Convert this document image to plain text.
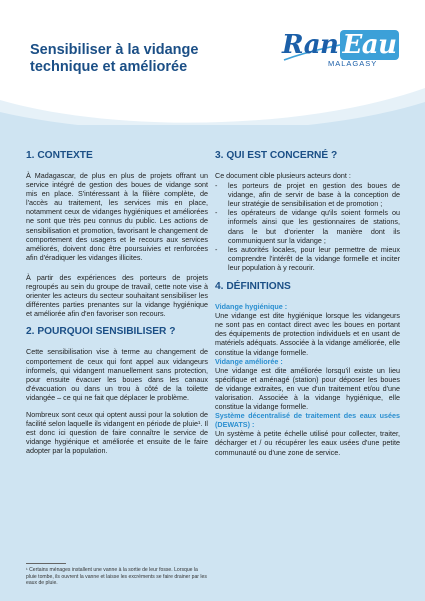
Sensibiliser à la vidange technique et améliorée
Ran Eau
MALAGASY
1. CONTEXTE

À Madagascar, de plus en plus de projets offrant un service intégré de gestion des boues de vidange sont mis en place. S'intéressant à la filière complète, de l'accès au traitement, les services mis en place, notamment ceux de vidanges hygiéniques et améliorées ne sont que très peu connus du public. Les actions de sensibilisation et promotion, favorisant le changement de comportement des usagers et le recours aux services améliorés, doivent donc être poursuivies et renforcées afin d'éradiquer les vidanges illicites.

À partir des expériences des porteurs de projets regroupés au sein du groupe de travail, cette note vise à orienter les acteurs du secteur souhaitant sensibiliser les différentes parties prenantes sur la vidange hygiénique et améliorée afin d'en favoriser son recours.

2. POURQUOI SENSIBILISER ?

Cette sensibilisation vise à terme au changement de comportement de ceux qui font appel aux vidangeurs informels, qui vidangent manuellement sans protection, pour ensuite évacuer les boues dans les canaux d'évacuation ou dans un trou à côté de la toilette vidangée – ce qui ne fait que déplacer le problème.

Nombreux sont ceux qui optent aussi pour la solution de facilité selon laquelle ils vidangent en période de pluie¹. Il est donc ici question de faire connaître le service de vidange hygiénique et améliorée et ensuite de le faire adopter par la population.

¹ Certains ménages installent une vanne à la sortie de leur fosse. Lorsque la pluie tombe, ils ouvrent la vanne et laisse les excréments se faire drainer par les eaux de pluie.
3. QUI EST CONCERNÉ ?

Ce document cible plusieurs acteurs dont :

- les porteurs de projet en gestion des boues de vidange, afin de servir de base à la conception de leur stratégie de sensibilisation et de promotion ;
- les opérateurs de vidange qu'ils soient formels ou informels ainsi que les gestionnaires de stations, dans le but d'orienter la manière dont ils communiquent sur la vidange ;
- les autorités locales, pour leur permettre de mieux comprendre l'intérêt de la vidange formelle et inciter leur population à y recourir.
4. DÉFINITIONS

Vidange hygiénique :

Une vidange est dite hygiénique lorsque les vidangeurs ne sont pas en contact direct avec les boues en portant des équipements de protection individuels et en usant de matériels adéquats. Associée à la vidange améliorée, elle constitue la vidange formelle.

Vidange améliorée :

Une vidange est dite améliorée lorsqu'il existe un lieu spécifique et aménagé (station) pour déposer les boues de vidange extraites, en vue d'un traitement et/ou d'une valorisation. Associée à la vidange hygiénique, elle constitue la vidange formelle.

Système décentralisé de traitement des eaux usées (DEWATS) :

Un système à petite échelle utilisé pour collecter, traiter, décharger et / ou récupérer les eaux usées d'une petite communauté ou d'une zone de service.
